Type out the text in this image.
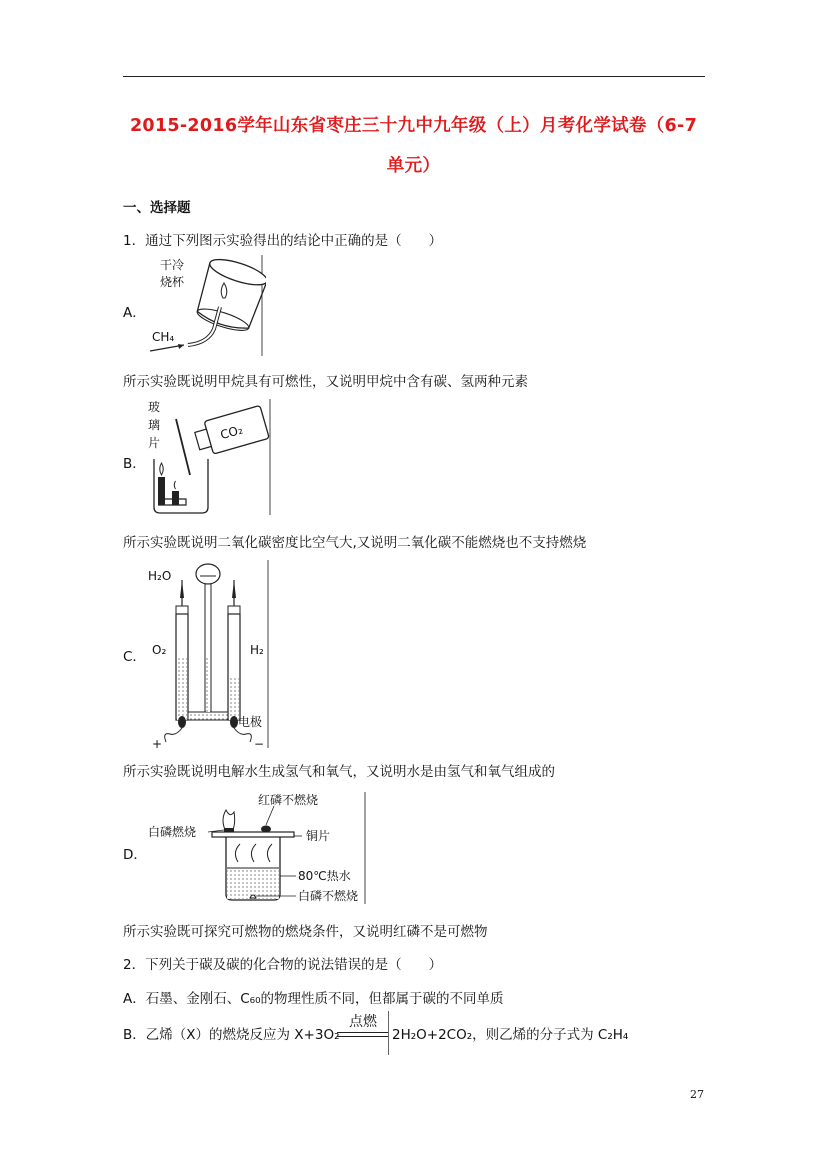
2015-2016学年山东省枣庄三十九中九年级（上）月考化学试卷（6-7
单元）
一、选择题
1．通过下列图示实验得出的结论中正确的是（　　）
A．
干冷
烧杯
CH₄
所示实验既说明甲烷具有可燃性，又说明甲烷中含有碳、氢两种元素
B．
CO₂
玻
璃
片
所示实验既说明二氧化碳密度比空气大,又说明二氧化碳不能燃烧也不支持燃烧
C．
H₂O
O₂	H₂
电极
+	−
所示实验既说明电解水生成氢气和氧气，又说明水是由氢气和氧气组成的
D．
红磷不燃烧
白磷燃烧	铜片
80℃热水
白磷不燃烧
所示实验既可探究可燃物的燃烧条件，又说明红磷不是可燃物
2．下列关于碳及碳的化合物的说法错误的是（　　）
A．石墨、金刚石、C₆₀的物理性质不同，但都属于碳的不同单质
B．乙烯（X）的燃烧反应为 X+3O₂
点燃
2H₂O+2CO₂，则乙烯的分子式为 C₂H₄
27
